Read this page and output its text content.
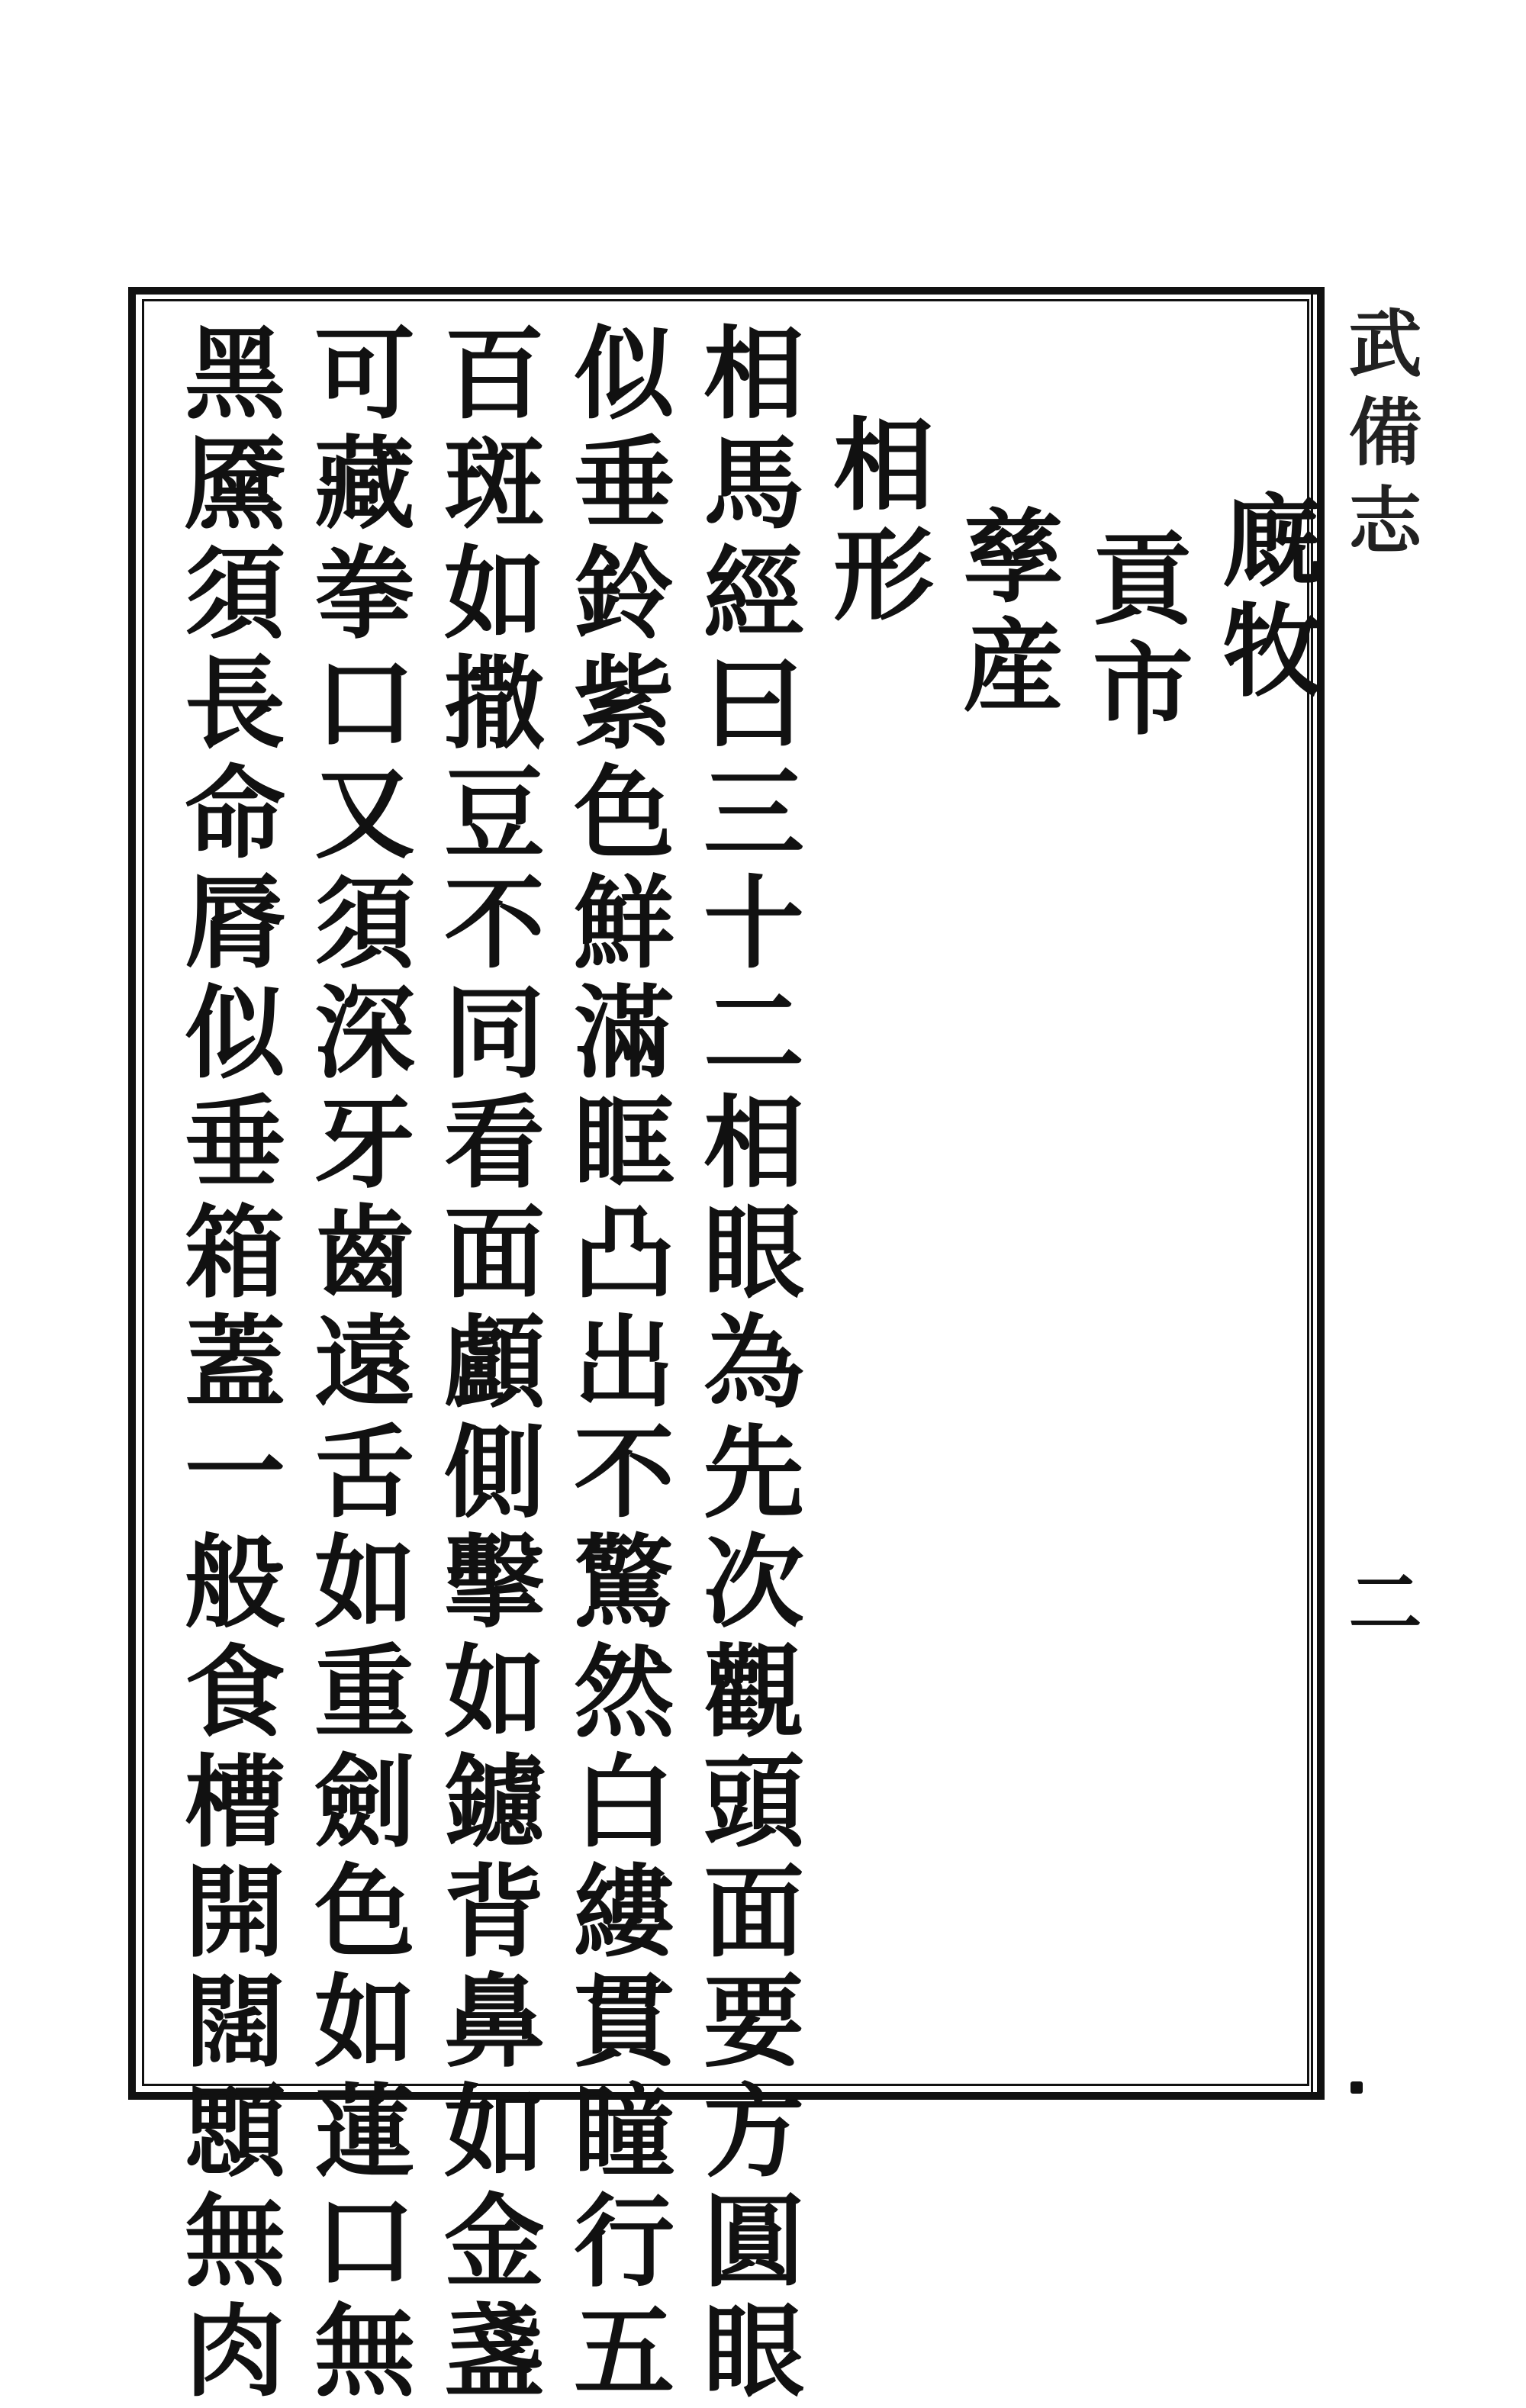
武備志
二
廐牧
貢市
孳産
相形
相馬經曰三十二相眼為先次觀頭面要方圓眼
似垂鈴紫色鮮滿眶凸出不驚然白縷貫瞳行五
百斑如撒豆不同看面顱側擊如鑢背鼻如金盞
可藏拳口又須深牙齒遠舌如重劍色如蓮口無
黑黡須長命脣似垂箱蓋一般食槽開闊顋無肉
